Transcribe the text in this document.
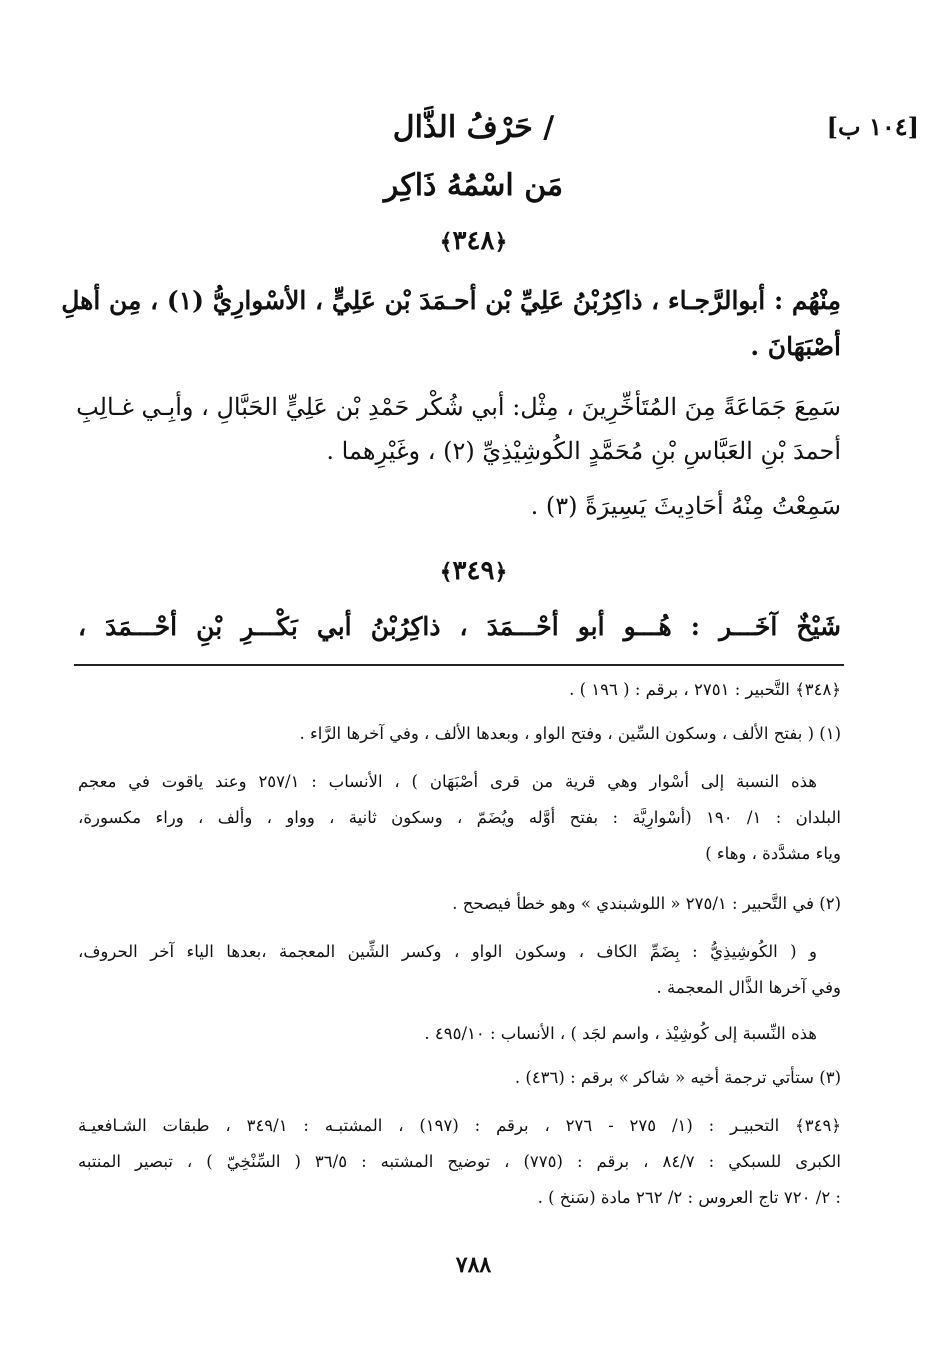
[١٠٤ ب]
/ حَرْفُ الذَّال
مَن اسْمُهُ ذَاكِر
﴿٣٤٨﴾
مِنْهُم : أبوالرَّجـاء ، ذاكِرُبْنُ عَلِيِّ بْن أحـمَدَ بْن عَلِيٍّ ، الأسْوارِيُّ (١) ، مِن أهلِ
أصْبَهَانَ .
سَمِعَ جَمَاعَةً مِنَ المُتَأخِّرِينَ ، مِثْل: أبي شُكْر حَمْدِ بْن عَلِيٍّ الحَبَّالِ ، وأبِـي غـالِبِ
أحمدَ بْنِ العَبَّاسِ بْنِ مُحَمَّدٍ الكُوشِيْذِيِّ (٢) ، وغَيْرِهما .
سَمِعْتُ مِنْهُ أحَادِيثَ يَسِيرَةً (٣) .
﴿٣٤٩﴾
شَيْخٌ آخَـــر : هُـــو أبو أحْـــمَدَ ، ذاكِرُبْنُ أبي بَكْـــرِ بْنِ أحْـــمَدَ ،
﴿٣٤٨﴾ التَّحبير : ٢٧٥١ ، برقم : ( ١٩٦ ) .
(١) ( بفتح الألف ، وسكون السِّين ، وفتح الواو ، وبعدها الألف ، وفي آخرها الرَّاء .
هذه النسبة إلى أسْوار وهي قرية من قرى أصْبَهَان ) ، الأنساب : ٢٥٧/١ وعند ياقوت في معجم
البلدان : ١/ ١٩٠ (أسْوارِيَّة : بفتح أوَّله ويُضَمّ ، وسكون ثانية ، وواو ، وألف ، وراء مكسورة،
وياء مشدَّدة ، وهاء )
(٢) في التَّحبير : ٢٧٥/١ « اللوشبندي » وهو خطأ فيصحح .
و ( الكُوشِيذِيُّ : بِضَمِّ الكاف ، وسكون الواو ، وكسر الشِّين المعجمة ،بعدها الياء آخر الحروف،
وفي آخرها الذَّال المعجمة .
هذه النِّسبة إلى كُوشِيْذ ، واسم لجَد ) ، الأنساب : ٤٩٥/١٠ .
(٣) ستأتي ترجمة أخيه « شاكر » برقم : (٤٣٦) .
﴿٣٤٩﴾ التحبيـر : (١/ ٢٧٥ - ٢٧٦ ، برقم : (١٩٧) ، المشتبـه : ٣٤٩/١ ، طبقات الشـافعيـة
الكبرى للسبكي : ٨٤/٧ ، برقم : (٧٧٥) ، توضيح المشتبه : ٣٦/٥ ( السِّنْخِيّ ) ، تبصير المنتبه
: ٢/ ٧٢٠ تاج العروس : ٢/ ٢٦٢ مادة (سَنخ ) .
٧٨٨
